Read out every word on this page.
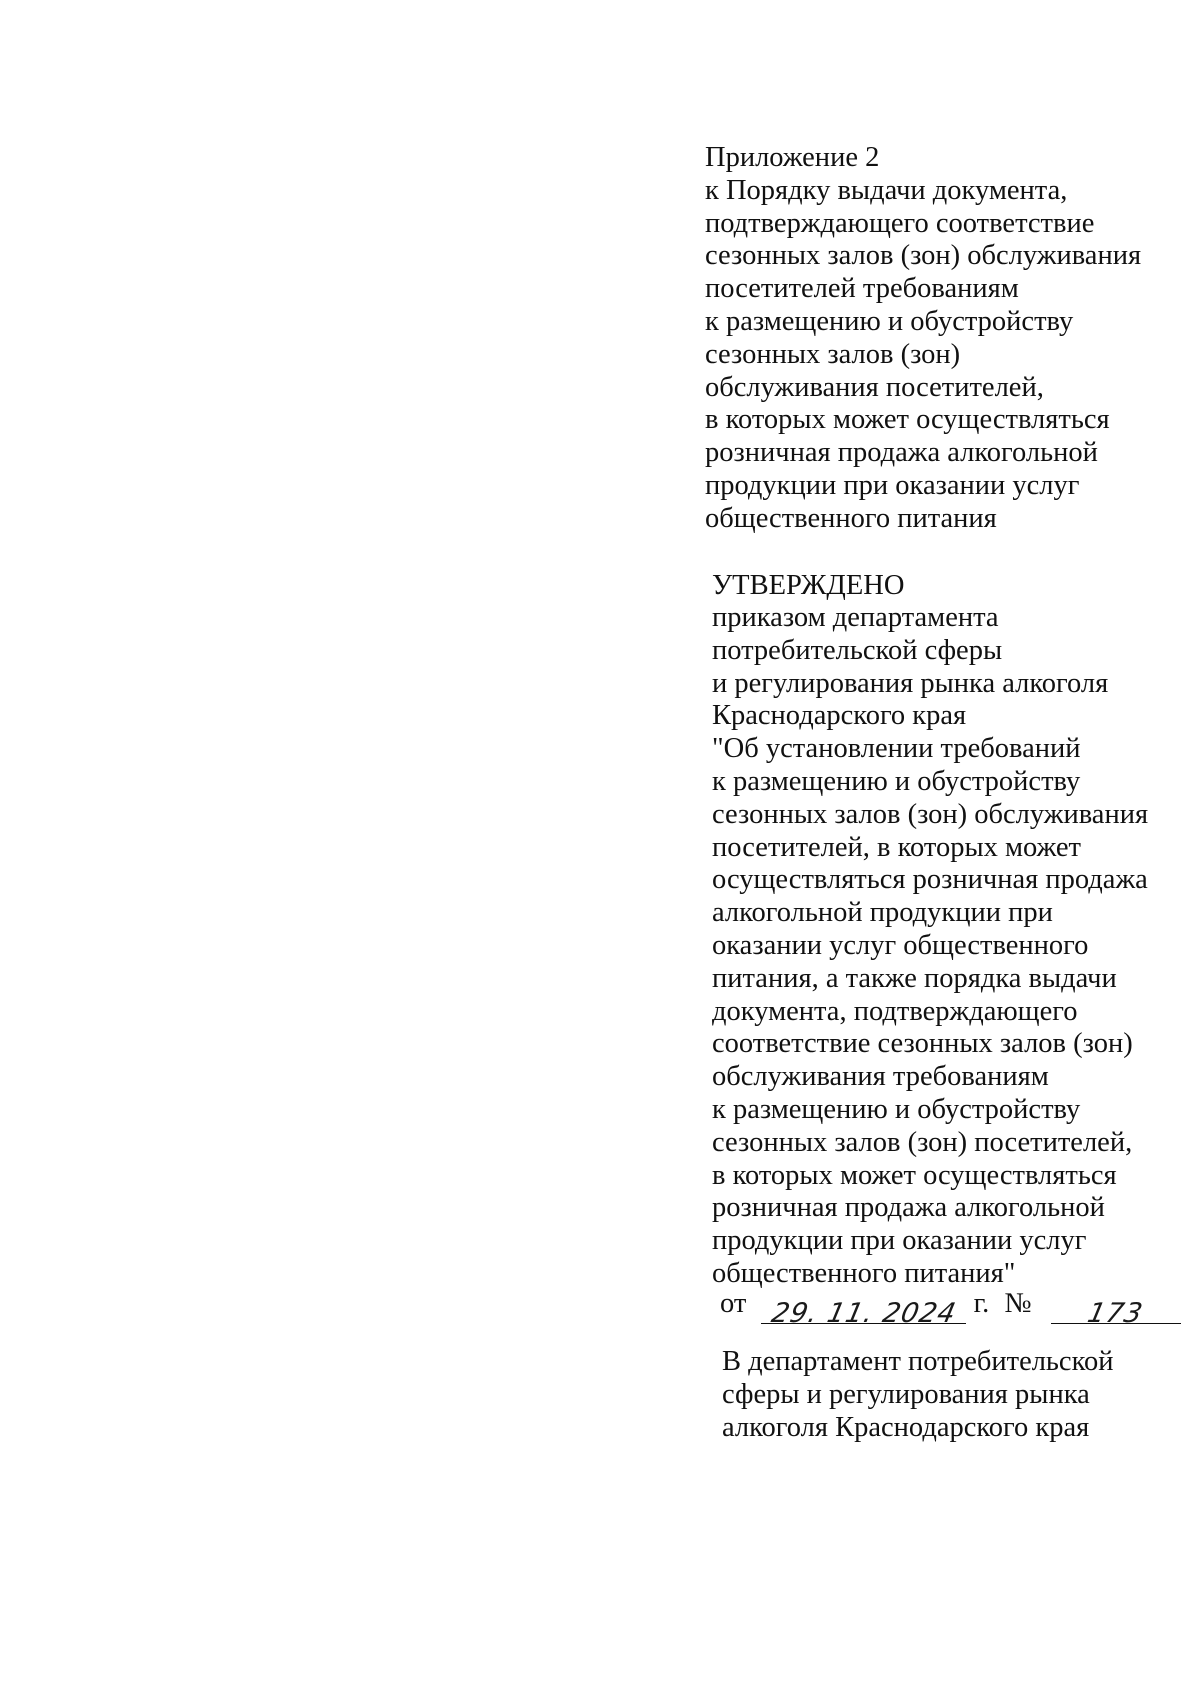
Приложение 2
к Порядку выдачи документа,
подтверждающего соответствие
сезонных залов (зон) обслуживания
посетителей требованиям
к размещению и обустройству
сезонных залов (зон)
обслуживания посетителей,
в которых может осуществляться
розничная продажа алкогольной
продукции при оказании услуг
общественного питания
УТВЕРЖДЕНО
приказом департамента
потребительской сферы
и регулирования рынка алкоголя
Краснодарского края
"Об установлении требований
к размещению и обустройству
сезонных залов (зон) обслуживания
посетителей, в которых может
осуществляться розничная продажа
алкогольной продукции при
оказании услуг общественного
питания, а также порядка выдачи
документа, подтверждающего
соответствие сезонных залов (зон)
обслуживания требованиям
к размещению и обустройству
сезонных залов (зон) посетителей,
в которых может осуществляться
розничная продажа алкогольной
продукции при оказании услуг
общественного питания"
от 29. 11. 2024 г. № 173
В департамент потребительской
сферы и регулирования рынка
алкоголя Краснодарского края
